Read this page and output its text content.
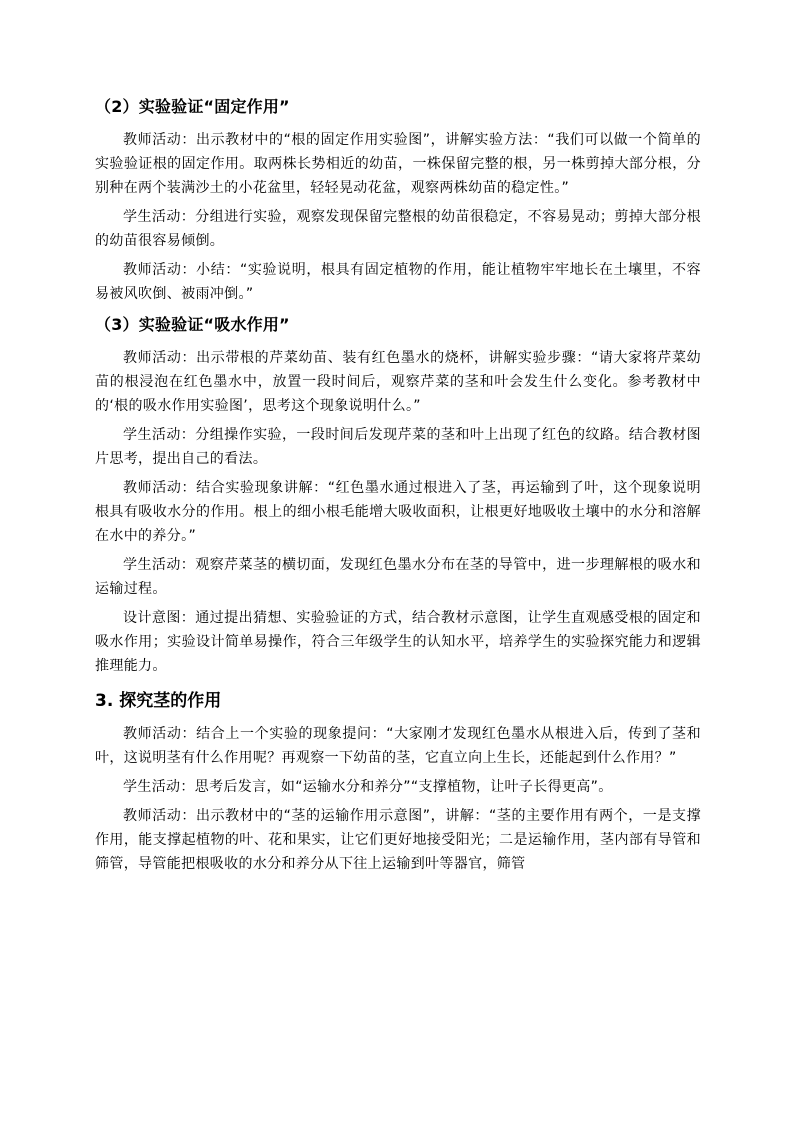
（2）实验验证“固定作用”

教师活动：出示教材中的“根的固定作用实验图”，讲解实验方法：“我们可以做一个简单的实验验证根的固定作用。取两株长势相近的幼苗，一株保留完整的根，另一株剪掉大部分根，分别种在两个装满沙土的小花盆里，轻轻晃动花盆，观察两株幼苗的稳定性。”

学生活动：分组进行实验，观察发现保留完整根的幼苗很稳定，不容易晃动；剪掉大部分根的幼苗很容易倾倒。

教师活动：小结：“实验说明，根具有固定植物的作用，能让植物牢牢地长在土壤里，不容易被风吹倒、被雨冲倒。”

（3）实验验证“吸水作用”

教师活动：出示带根的芹菜幼苗、装有红色墨水的烧杯，讲解实验步骤：“请大家将芹菜幼苗的根浸泡在红色墨水中，放置一段时间后，观察芹菜的茎和叶会发生什么变化。参考教材中的‘根的吸水作用实验图’，思考这个现象说明什么。”

学生活动：分组操作实验，一段时间后发现芹菜的茎和叶上出现了红色的纹路。结合教材图片思考，提出自己的看法。

教师活动：结合实验现象讲解：“红色墨水通过根进入了茎，再运输到了叶，这个现象说明根具有吸收水分的作用。根上的细小根毛能增大吸收面积，让根更好地吸收土壤中的水分和溶解在水中的养分。”

学生活动：观察芹菜茎的横切面，发现红色墨水分布在茎的导管中，进一步理解根的吸水和运输过程。

设计意图：通过提出猜想、实验验证的方式，结合教材示意图，让学生直观感受根的固定和吸水作用；实验设计简单易操作，符合三年级学生的认知水平，培养学生的实验探究能力和逻辑推理能力。

3. 探究茎的作用

教师活动：结合上一个实验的现象提问：“大家刚才发现红色墨水从根进入后，传到了茎和叶，这说明茎有什么作用呢？再观察一下幼苗的茎，它直立向上生长，还能起到什么作用？”

学生活动：思考后发言，如“运输水分和养分”“支撑植物，让叶子长得更高”。

教师活动：出示教材中的“茎的运输作用示意图”，讲解：“茎的主要作用有两个，一是支撑作用，能支撑起植物的叶、花和果实，让它们更好地接受阳光；二是运输作用，茎内部有导管和筛管，导管能把根吸收的水分和养分从下往上运输到叶等器官，筛管
